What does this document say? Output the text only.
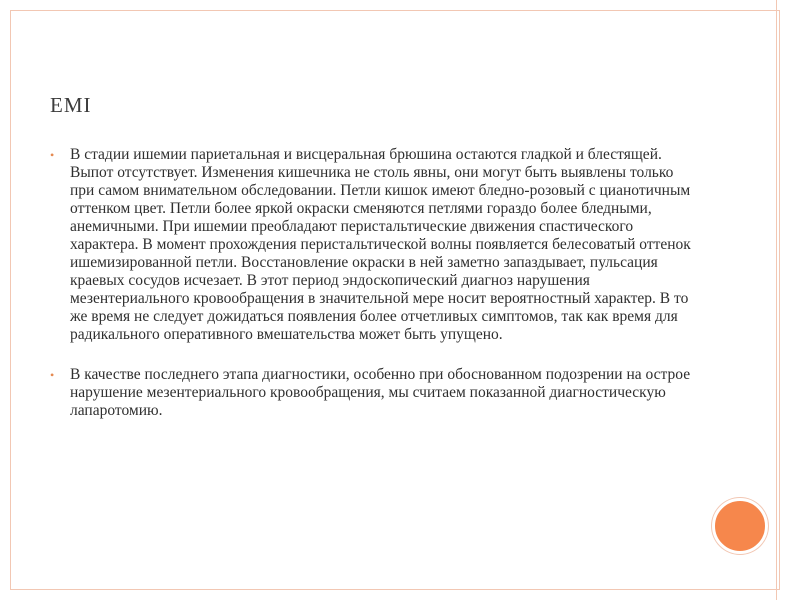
EMI
• В стадии ишемии париетальная и висцеральная брюшина остаются гладкой и блестящей. Выпот отсутствует. Изменения кишечника не столь явны, они могут быть выявлены только при самом внимательном обследовании. Петли кишок имеют бледно-розовый с цианотичным оттенком цвет. Петли более яркой окраски сменяются петлями гораздо более бледными, анемичными. При ишемии преобладают перистальтические движения спастического характера. В момент прохождения перистальтической волны появляется белесоватый оттенок ишемизированной петли. Восстановление окраски в ней заметно запаздывает, пульсация краевых сосудов исчезает. В этот период эндоскопический диагноз нарушения мезентериального кровообращения в значительной мере носит вероятностный характер. В то же время не следует дожидаться появления более отчетливых симптомов, так как время для радикального оперативного вмешательства может быть упущено.
• В качестве последнего этапа диагностики, особенно при обоснованном подозрении на острое нарушение мезентериального кровообращения, мы считаем показанной диагностическую лапаротомию.
